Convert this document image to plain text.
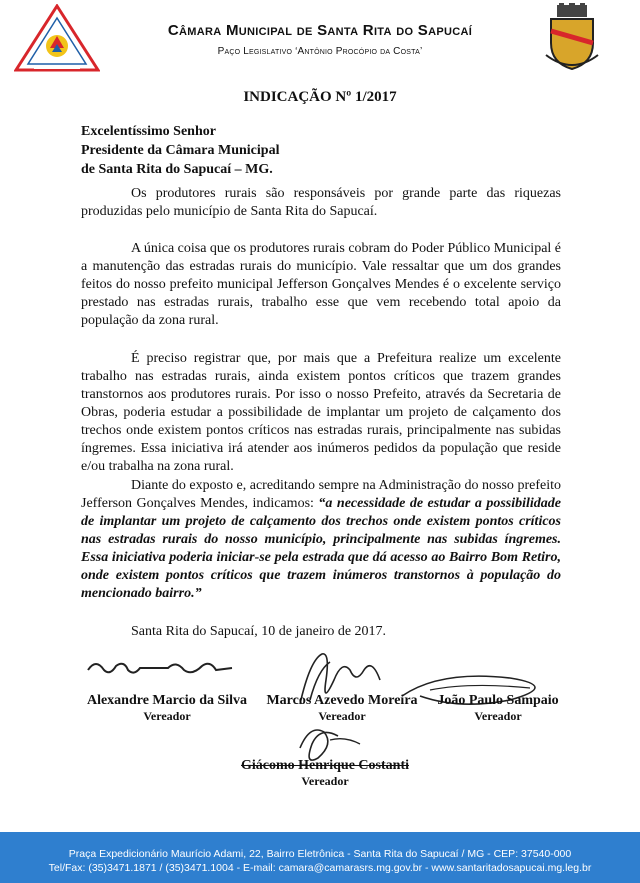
Câmara Municipal de Santa Rita do Sapucaí
Paço Legislativo ‘Antônio Procópio da Costa’
INDICAÇÃO Nº 1/2017
Excelentíssimo Senhor
Presidente da Câmara Municipal
de Santa Rita do Sapucaí – MG.
Os produtores rurais são responsáveis por grande parte das riquezas produzidas pelo município de Santa Rita do Sapucaí.
A única coisa que os produtores rurais cobram do Poder Público Municipal é a manutenção das estradas rurais do município. Vale ressaltar que um dos grandes feitos do nosso prefeito municipal Jefferson Gonçalves Mendes é o excelente serviço prestado nas estradas rurais, trabalho esse que vem recebendo total apoio da população da zona rural.
É preciso registrar que, por mais que a Prefeitura realize um excelente trabalho nas estradas rurais, ainda existem pontos críticos que trazem grandes transtornos aos produtores rurais. Por isso o nosso Prefeito, através da Secretaria de Obras, poderia estudar a possibilidade de implantar um projeto de calçamento dos trechos onde existem pontos críticos nas estradas rurais, principalmente nas subidas íngremes. Essa iniciativa irá atender aos inúmeros pedidos da população que reside e/ou trabalha na zona rural.
Diante do exposto e, acreditando sempre na Administração do nosso prefeito Jefferson Gonçalves Mendes, indicamos: “a necessidade de estudar a possibilidade de implantar um projeto de calçamento dos trechos onde existem pontos críticos nas estradas rurais do nosso município, principalmente nas subidas íngremes. Essa iniciativa poderia iniciar-se pela estrada que dá acesso ao Bairro Bom Retiro, onde existem pontos críticos que trazem inúmeros transtornos à população do mencionado bairro.”
Santa Rita do Sapucaí, 10 de janeiro de 2017.
Alexandre Marcio da Silva
Vereador
Marcos Azevedo Moreira
Vereador
João Paulo Sampaio
Vereador
Giácomo Henrique Costanti
Vereador
Praça Expedicionário Maurício Adami, 22, Bairro Eletrônica - Santa Rita do Sapucaí / MG - CEP: 37540-000
Tel/Fax: (35)3471.1871 / (35)3471.1004 - E-mail: camara@camarasrs.mg.gov.br - www.santaritadosapucai.mg.leg.br
